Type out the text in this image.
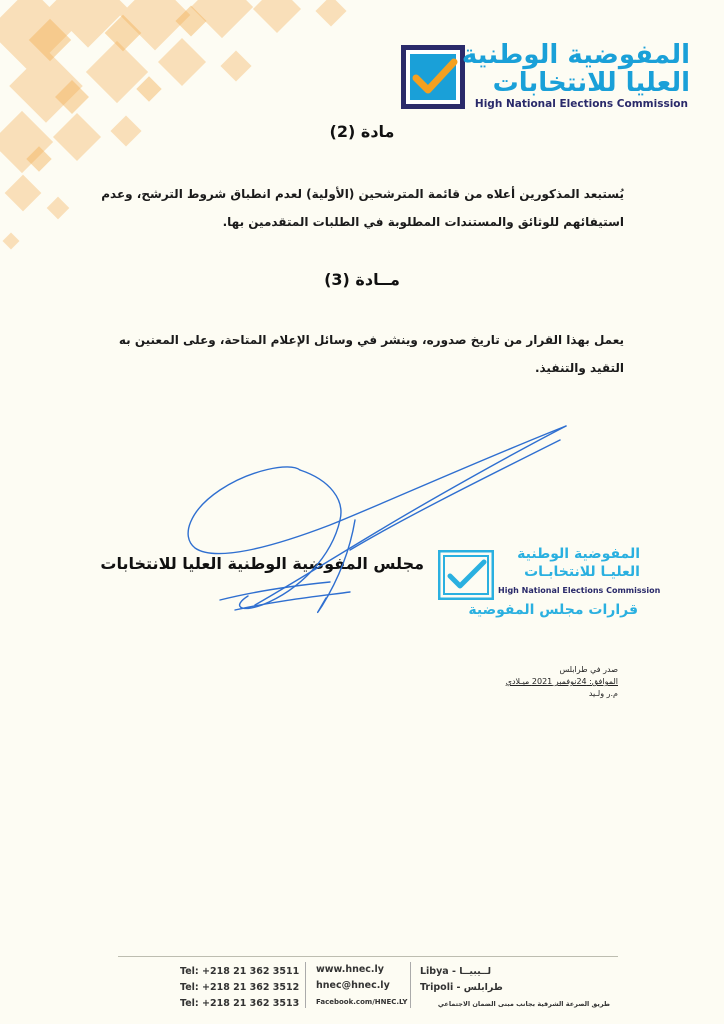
المفوضية الوطنية
العليا للانتخابات
High National Elections Commission
مادة (2)
يُستبعد المذكورين أعلاه من قائمة المترشحين (الأولية) لعدم انطباق شروط الترشح، وعدم استيفائهم للوثائق والمستندات المطلوبة في الطلبات المتقدمين بها.
مــادة (3)
يعمل بهذا القرار من تاريخ صدوره، وينشر في وسائل الإعلام المتاحة، وعلى المعنين به التقيد والتنفيذ.
مجلس المفوضية الوطنية العليا للانتخابات	المفوضية الوطنية
العليـا للانتخابـات
High National Elections Commission
قرارات مجلس المفوضية
صدر في طرابلس
الموافق: 24نوفمبر 2021 ميـلادي
م.ر ولـيد
Tel: +218 21 362 3511
Tel: +218 21 362 3512
Tel: +218 21 362 3513
www.hnec.ly
hnec@hnec.ly
Facebook.com/HNEC.LY
Libya - لــيبيــا
Tripoli - طرابلس
طريق الصرعة الشرقية بجانب مبنى الضمان الاجتماعي
